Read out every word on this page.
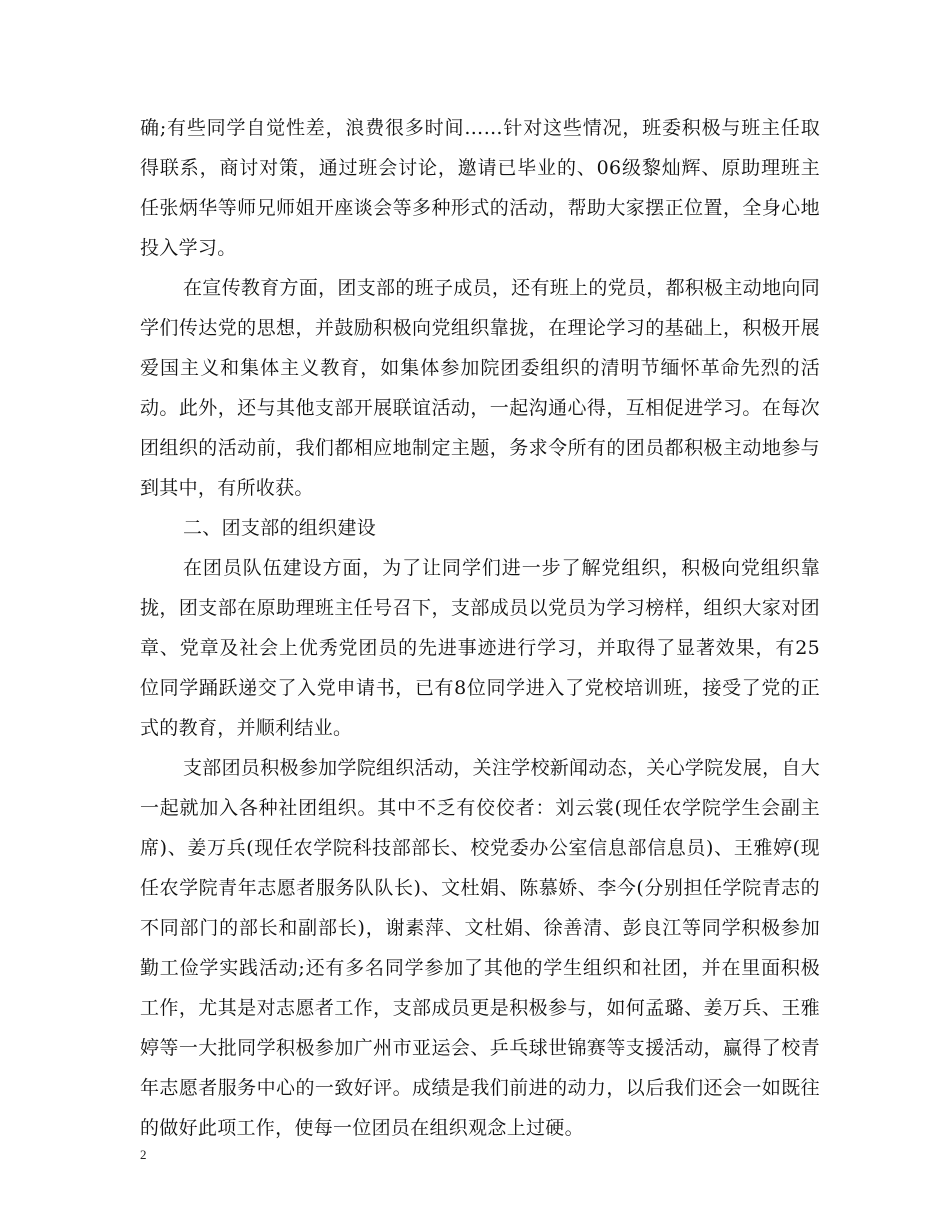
确;有些同学自觉性差，浪费很多时间……针对这些情况，班委积极与班主任取得联系，商讨对策，通过班会讨论，邀请已毕业的、06级黎灿辉、原助理班主任张炳华等师兄师姐开座谈会等多种形式的活动，帮助大家摆正位置，全身心地投入学习。

在宣传教育方面，团支部的班子成员，还有班上的党员，都积极主动地向同学们传达党的思想，并鼓励积极向党组织靠拢，在理论学习的基础上，积极开展爱国主义和集体主义教育，如集体参加院团委组织的清明节缅怀革命先烈的活动。此外，还与其他支部开展联谊活动，一起沟通心得，互相促进学习。在每次团组织的活动前，我们都相应地制定主题，务求令所有的团员都积极主动地参与到其中，有所收获。

二、团支部的组织建设

在团员队伍建设方面，为了让同学们进一步了解党组织，积极向党组织靠拢，团支部在原助理班主任号召下，支部成员以党员为学习榜样，组织大家对团章、党章及社会上优秀党团员的先进事迹进行学习，并取得了显著效果，有25位同学踊跃递交了入党申请书，已有8位同学进入了党校培训班，接受了党的正式的教育，并顺利结业。

支部团员积极参加学院组织活动，关注学校新闻动态，关心学院发展，自大一起就加入各种社团组织。其中不乏有佼佼者：刘云裳(现任农学院学生会副主席)、姜万兵(现任农学院科技部部长、校党委办公室信息部信息员)、王雅婷(现任农学院青年志愿者服务队队长)、文杜娟、陈慕娇、李今(分别担任学院青志的不同部门的部长和副部长)，谢素萍、文杜娟、徐善清、彭良江等同学积极参加勤工俭学实践活动;还有多名同学参加了其他的学生组织和社团，并在里面积极工作，尤其是对志愿者工作，支部成员更是积极参与，如何孟璐、姜万兵、王雅婷等一大批同学积极参加广州市亚运会、乒乓球世锦赛等支援活动，赢得了校青年志愿者服务中心的一致好评。成绩是我们前进的动力，以后我们还会一如既往的做好此项工作，使每一位团员在组织观念上过硬。

2
